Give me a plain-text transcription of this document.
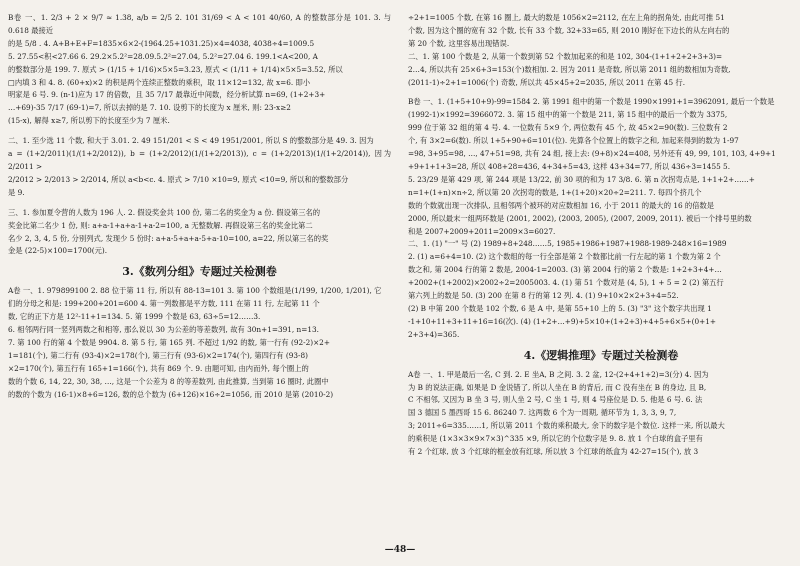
B卷 一、1. 2/3 + 2 × 9/7 ≈ 1.38, a/b = 2/5 2. 101 31/69 < A < 101 40/60, A 的整数部分是 101. 3. 与 0.618 最接近

的是 5/8 . 4. A+B+E+F=1835×6×2-(1964.25+1031.25)×4=4038, 4038÷4=1009.5

5. 27.55<积<27.66 6. 29.2×5.2²=28.09.5.2²=27.04, 5.2²=27.04 6. 199.1<A<200, A

的整数部分是 199. 7. 原式 > (1/15 + 1/16)×5×5=3.23, 原式 < (1/11 + 1/14)×5×5=3.52, 所以

□内填 3 和 4. 8. (60+x)×2 的积是两个连续正整数的乘积，取 11×12=132, 故 x=6. 即小

明家是 6 号. 9. (n-1)应为 17 的倍数，且 35 7/17 最靠近中间数，经分析试算 n=69, (1+2+3+

…+69)-35 7/17 (69-1)=7, 所以去掉的是 7. 10. 设剪下的长度为 x 厘米, 则: 23-x≥2

(15-x), 解得 x≥7, 所以剪下的长度至少为 7 厘米.

二、1. 至少选 11 个数, 和大于 3.01. 2. 49 151/201 < S < 49 1951/2001, 所以 S 的整数部分是 49. 3. 因为

a = (1+2/2011)(1/(1+2/2012)), b = (1+2/2012)(1/(1+2/2013)), c = (1+2/2013)(1/(1+2/2014)), 因为 2/2011 >

2/2012 > 2/2013 > 2/2014, 所以 a<b<c. 4. 原式 > 7/10 ×10=9, 原式 <10=9, 所以和的整数部分

是 9.

三、1. 参加夏令营的人数为 196 人. 2. 假设奖金共 100 份, 第二名的奖金为 a 份. 假设第三名的

奖金比第二名少 1 份, 则: a+a-1+a+a-1+a-2=100, a 无整数解. 再假设第三名的奖金比第二

名少 2, 3, 4, 5 份, 分别列式, 发现少 5 份时: a+a-5+a+a-5+a-10=100, a=22, 所以第三名的奖

金是 (22-5)×100=1700(元).

3.《数列分组》专题过关检测卷

A卷 一、1. 979899100 2. 88 位于第 11 行, 所以有 88-13=101 3. 第 100 个数组是(1/199, 1/200, 1/201), 它

们的分母之和是: 199+200+201=600 4. 第一列数都是平方数, 111 在第 11 行, 左起第 11 个

数, 它的正下方是 12²-11+1=134. 5. 第 1999 个数是 63, 63÷5=12……3.

6. 相邻两行同一竖列两数之和相等, 那么说以 30 为公差的等差数列, 故有 30n+1=391, n=13.

7. 第 100 行的第 4 个数是 9904. 8. 第 5 行, 第 165 列. 不超过 1/92 的数, 第一行有 (92-2)×2+

1=181(个), 第二行有 (93-4)×2=178(个), 第三行有 (93-6)×2=174(个), 第四行有 (93-8)

×2=170(个), 第五行有 165+1=166(个), 共有 869 个. 9. 由题可知, 由内而外, 每个圈上的

数的个数 6, 14, 22, 30, 38, …, 这是一个公差为 8 的等差数列, 由此推算, 当到第 16 圈时, 此圈中

的数的个数为 (16-1)×8+6=126, 数的总个数为 (6+126)×16÷2=1056, 而 2010 是第 (2010-2)

÷2+1=1005 个数, 在第 16 圈上, 最大的数是 1056×2=2112, 在左上角的拐角处, 由此可推 51

个数, 因为这个圈的宽有 32 个数, 长有 33 个数, 32+33=65, 则 2010 刚好在下边长的从左向右的

第 20 个数, 这里容易出现错误.

二、1. 第 100 个数是 2, 从第一个数到第 52 个数加起来的和是 102, 304-(1+1+2+2+3+3)=

2…4, 所以共有 25×6+3=153(个)数相加. 2. 因为 2011 是奇数, 所以第 2011 组的数相加为奇数,

(2011-1)÷2+1=1006(个) 奇数, 所以共 45×45+2=2035, 所以 2011 在第 45 行.

B卷 一、1. (1+5+10+9)-99=1584 2. 第 1991 组中的第一个数是 1990×1991+1=3962091, 最后一个数是

(1992-1)×1992=3966072. 3. 第 15 组中的第一个数是 211, 第 15 组中的最后一个数为 3375,

999 位于第 32 组的第 4 号. 4. 一位数有 5×9 个, 两位数有 45 个, 故 45×2=90(数). 三位数有 2

个, 有 3×2=6(数). 所以 1+5+90+6=101(位). 先算各个位置上的数字之和, 加起来得到的数为 1-97

=98, 3+95=98, …, 47+51=98, 共有 24 组, 接上去: (9+8)×24=408, 另外还有 49, 99, 101, 103, 4+9+1

+9+1+1+3=28, 所以 408+28=436, 4+34+5=43, 这样 43+34=77, 所以 436÷3=1455 5.

5. 23/29 是第 429 项, 第 244 项是 13/22, 前 30 项的和为 17 3/8. 6. 第 n 次拐弯点是, 1+1+2+……+

n=1+(1+n)×n÷2, 所以第 20 次拐弯的数是, 1+(1+20)×20÷2=211. 7. 每四个挤几个

数的个数就出现一次排队, 且相邻两个被环的对应数相加 16, 小于 2011 的最大的 16 的倍数是

2000, 所以最末一组两环数是 (2001, 2002), (2003, 2005), (2007, 2009, 2011). 被后一个排号里的数

和是 2007+2009+2011=2009×3=6027.

二、1. (1) "一" 号 (2) 1989+8+248……5, 1985+1986+1987+1988-1989-248×16=1989

2. (1) a=6+4=10. (2) 这个数组的每一行全部是第 2 个数都比前一行左起的第 1 个数为第 2 个

数之和, 第 2004 行的第 2 数是, 2004-1=2003. (3) 第 2004 行的第 2 个数是: 1+2+3+4+…

+2002+(1+2002)×2002÷2=2005003. 4. (1) 第 51 个数对是 (4, 5), 1 + 5 = 2 (2) 第五行

第六列上的数是 50. (3) 200 在第 8 行的第 12 列. 4. (1) 9+10×2×2+3+4=52.

(2) B 中第 200 个数是 102 个数, 6 是 A 中, 是第 55+10 上的 5. (3) "3" 这个数字共出现 1

-1+10+11+3+11+16=16(次). (4) (1+2+…+9)+5×10+(1+2+3)+4+5+6×5+(0+1+

2+3+4)=365.

4.《逻辑推理》专题过关检测卷

A卷 一、1. 甲是最后一名, C 到. 2. E 坐A, B 之间. 3. 2 盆, 12-(2+4+1+2)=3(分) 4. 因为

为 B 的说法正确, 如果是 D 金说错了, 所以人坐在 B 的背后, 而 C 没有坐在 B 的身边, 且 B,

C 不相邻, 又因为 B 坐 3 号, 则人坐 2 号, C 坐 1 号, 则 4 号座位是 D. 5. 他是 6 号. 6. 法

国 3 德国 5 墨西哥 15 6. 86240 7. 这两数 6 个为一周期, 循环节为 1, 3, 3, 9, 7,

3; 2011÷6=335……1, 所以第 2011 个数的乘积最大, 余下的数字是个数位. 这样一来, 所以最大

的乘积是 (1×3×3×9×7×3)^335 ×9, 所以它的个位数字是 9. 8. 放 1 个白球的盒子里有

有 2 个红球, 放 3 个红球的框金放有红球, 所以放 3 个红球的纸盒为 42-27=15(个), 放 3

—48—
